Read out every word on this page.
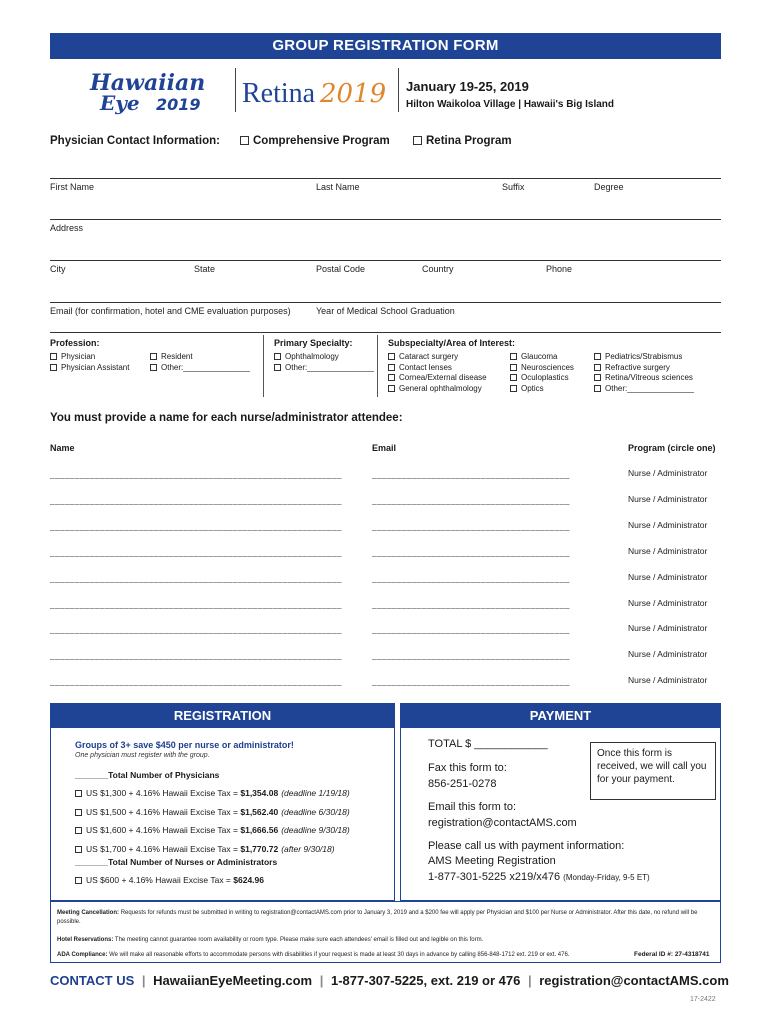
GROUP REGISTRATION FORM
Hawaiian
Eye 2019 Retina 2019 January 19-25, 2019
Hilton Waikoloa Village | Hawaii's Big Island
Physician Contact Information:	Comprehensive Program	Retina Program
First Name	Last Name	Suffix	Degree
Address
City	State	Postal Code	Country	Phone
Email (for confirmation, hotel and CME evaluation purposes)	Year of Medical School Graduation
Profession:
Physician
Physician Assistant
Resident
Other:_______________
Primary Specialty:
Ophthalmology
Other:_______________
Subspecialty/Area of Interest:
Cataract surgery
Contact lenses
Cornea/External disease
General ophthalmology
Glaucoma
Neurosciences
Oculoplastics
Optics
Pediatrics/Strabismus
Refractive surgery
Retina/Vitreous sciences
Other:_______________
You must provide a name for each nurse/administrator attendee:
Name	Email	Program (circle one)
___________________________________________________________	________________________________________	Nurse / Administrator
___________________________________________________________	________________________________________	Nurse / Administrator
___________________________________________________________	________________________________________	Nurse / Administrator
___________________________________________________________	________________________________________	Nurse / Administrator
___________________________________________________________	________________________________________	Nurse / Administrator
___________________________________________________________	________________________________________	Nurse / Administrator
___________________________________________________________	________________________________________	Nurse / Administrator
___________________________________________________________	________________________________________	Nurse / Administrator
___________________________________________________________	________________________________________	Nurse / Administrator
REGISTRATION
Groups of 3+ save $450 per nurse or administrator!
One physician must register with the group.
_______Total Number of Physicians
US $1,300 + 4.16% Hawaii Excise Tax = $1,354.08 (deadline 1/19/18)
US $1,500 + 4.16% Hawaii Excise Tax = $1,562.40 (deadline 6/30/18)
US $1,600 + 4.16% Hawaii Excise Tax = $1,666.56 (deadline 9/30/18)
US $1,700 + 4.16% Hawaii Excise Tax = $1,770.72 (after 9/30/18)
_______Total Number of Nurses or Administrators
US $600 + 4.16% Hawaii Excise Tax = $624.96
PAYMENT
TOTAL $ ____________
Fax this form to:
856-251-0278
Email this form to:
registration@contactAMS.com
Once this form is received, we will call you for your payment.
Please call us with payment information:
AMS Meeting Registration
1-877-301-5225 x219/x476 (Monday-Friday, 9-5 ET)
Meeting Cancellation: Requests for refunds must be submitted in writing to registration@contactAMS.com prior to January 3, 2019 and a $200 fee will apply per Physician and $100 per Nurse or Administrator. After this date, no refund will be possible.
Hotel Reservations: The meeting cannot guarantee room availability or room type. Please make sure each attendees' email is filled out and legible on this form.
ADA Compliance: We will make all reasonable efforts to accommodate persons with disabilities if your request is made at least 30 days in advance by calling 856-848-1712 ext. 219 or ext. 476.	Federal ID #: 27-4318741
CONTACT US | HawaiianEyeMeeting.com | 1-877-307-5225, ext. 219 or 476 | registration@contactAMS.com
17-2422
